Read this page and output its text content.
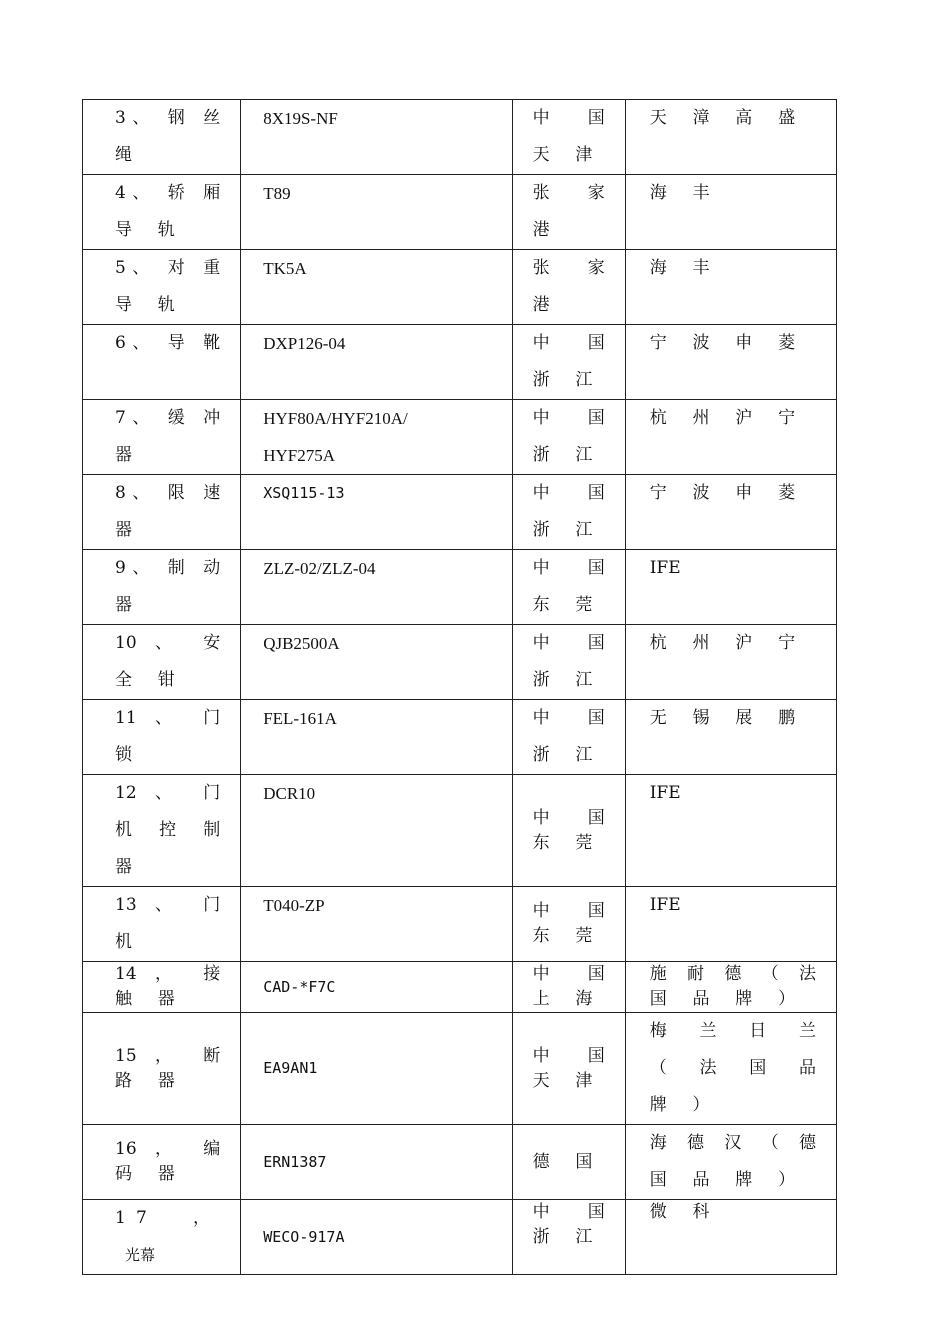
3、 钢 丝
绳	8X19S-NF	中 国
天 津	天 漳 高 盛

4、 轿 厢
导 轨	T89	张 家
港	海 丰

5、 对 重
导 轨	TK5A	张 家
港	海 丰

6、 导 靴	DXP126-04	中 国
浙 江	宁 波 申 菱

7、 缓 冲
器	HYF80A/HYF210A/
HYF275A	中 国
浙 江	杭 州 沪 宁

8、 限 速
器	XSQ115-13	中 国
浙 江	宁 波 申 菱

9、 制 动
器	ZLZ-02/ZLZ-04	中 国
东 莞	IFE

10 、 安
全 钳	QJB2500A	中 国
浙 江	杭 州 沪 宁

11 、 门
锁	FEL-161A	中 国
浙 江	无 锡 展 鹏

12 、 门
机 控 制
器	DCR10	中 国
东 莞	IFE

13 、 门
机	T040-ZP	中 国
东 莞	IFE

14 ， 接
触 器	CAD-*F7C	中 国
上 海	施 耐 德 （ 法
国 品 牌 ）

15 ， 断
路 器	EA9AN1	中 国
天 津	梅 兰 日 兰
（ 法 国 品
牌 ）

16 ， 编
码 器	ERN1387	德 国	海 德 汉 （ 德
国 品 牌 ）

17 ，光幕	WECO-917A	中 国
浙 江	微 科
